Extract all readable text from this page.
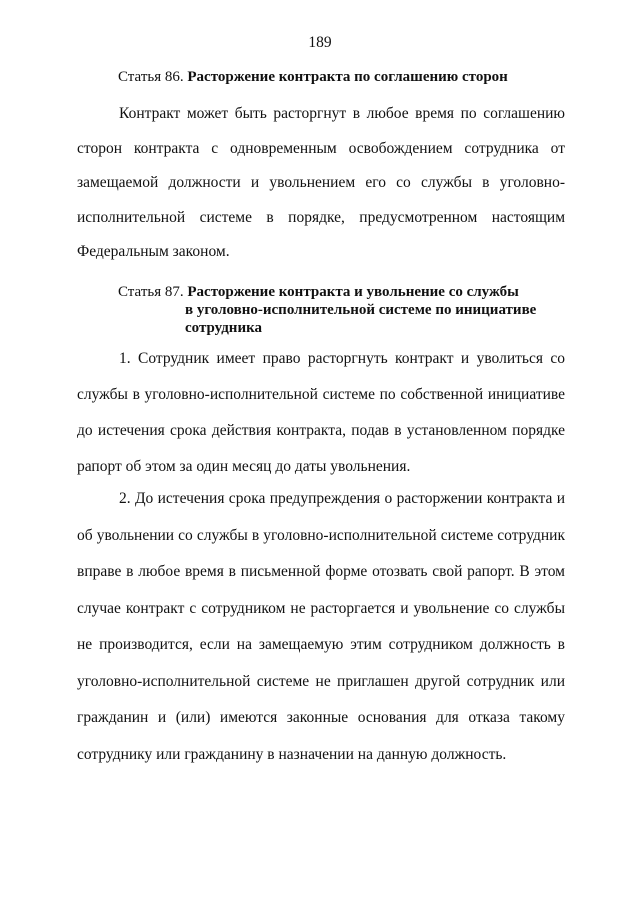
189
Статья 86. Расторжение контракта по соглашению сторон

Контракт может быть расторгнут в любое время по соглашению сторон контракта с одновременным освобождением сотрудника от замещаемой должности и увольнением его со службы в уголовно-исполнительной системе в порядке, предусмотренном настоящим Федеральным законом.

Статья 87. Расторжение контракта и увольнение со службы
в уголовно-исполнительной системе по инициативе
сотрудника

1. Сотрудник имеет право расторгнуть контракт и уволиться со службы в уголовно-исполнительной системе по собственной инициативе до истечения срока действия контракта, подав в установленном порядке рапорт об этом за один месяц до даты увольнения.

2. До истечения срока предупреждения о расторжении контракта и об увольнении со службы в уголовно-исполнительной системе сотрудник вправе в любое время в письменной форме отозвать свой рапорт. В этом случае контракт с сотрудником не расторгается и увольнение со службы не производится, если на замещаемую этим сотрудником должность в уголовно-исполнительной системе не приглашен другой сотрудник или гражданин и (или) имеются законные основания для отказа такому сотруднику или гражданину в назначении на данную должность.
